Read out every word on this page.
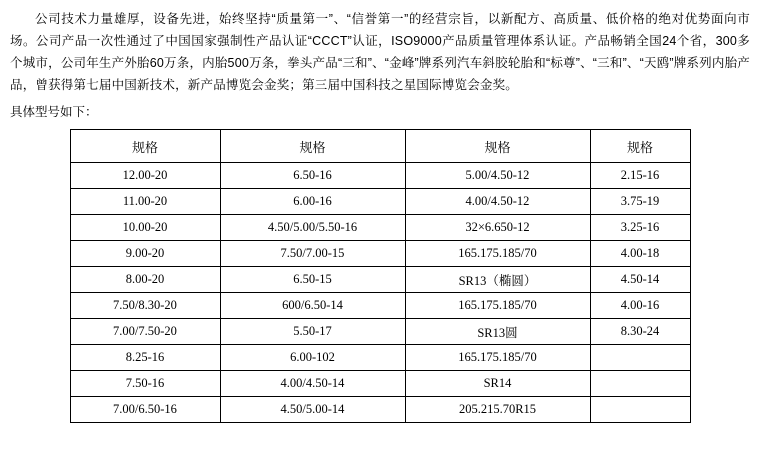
公司技术力量雄厚，设备先进，始终坚持“质量第一”、“信誉第一”的经营宗旨，以新配方、高质量、低价格的绝对优势面向市场。公司产品一次性通过了中国国家强制性产品认证“CCCT”认证，ISO9000产品质量管理体系认证。产品畅销全国24个省，300多个城市，公司年生产外胎60万条，内胎500万条，拳头产品“三和”、“金峰”牌系列汽车斜胶轮胎和“标尊”、“三和”、“天鸥”牌系列内胎产品，曾获得第七届中国新技术，新产品博览会金奖；第三届中国科技之星国际博览会金奖。

具体型号如下：

规格	规格	规格	规格
12.00-20	6.50-16	5.00/4.50-12	2.15-16
11.00-20	6.00-16	4.00/4.50-12	3.75-19
10.00-20	4.50/5.00/5.50-16	32×6.650-12	3.25-16
9.00-20	7.50/7.00-15	165.175.185/70	4.00-18
8.00-20	6.50-15	SR13（椭圆）	4.50-14
7.50/8.30-20	600/6.50-14	165.175.185/70	4.00-16
7.00/7.50-20	5.50-17	SR13圆	8.30-24
8.25-16	6.00-102	165.175.185/70	
7.50-16	4.00/4.50-14	SR14	
7.00/6.50-16	4.50/5.00-14	205.215.70R15	
